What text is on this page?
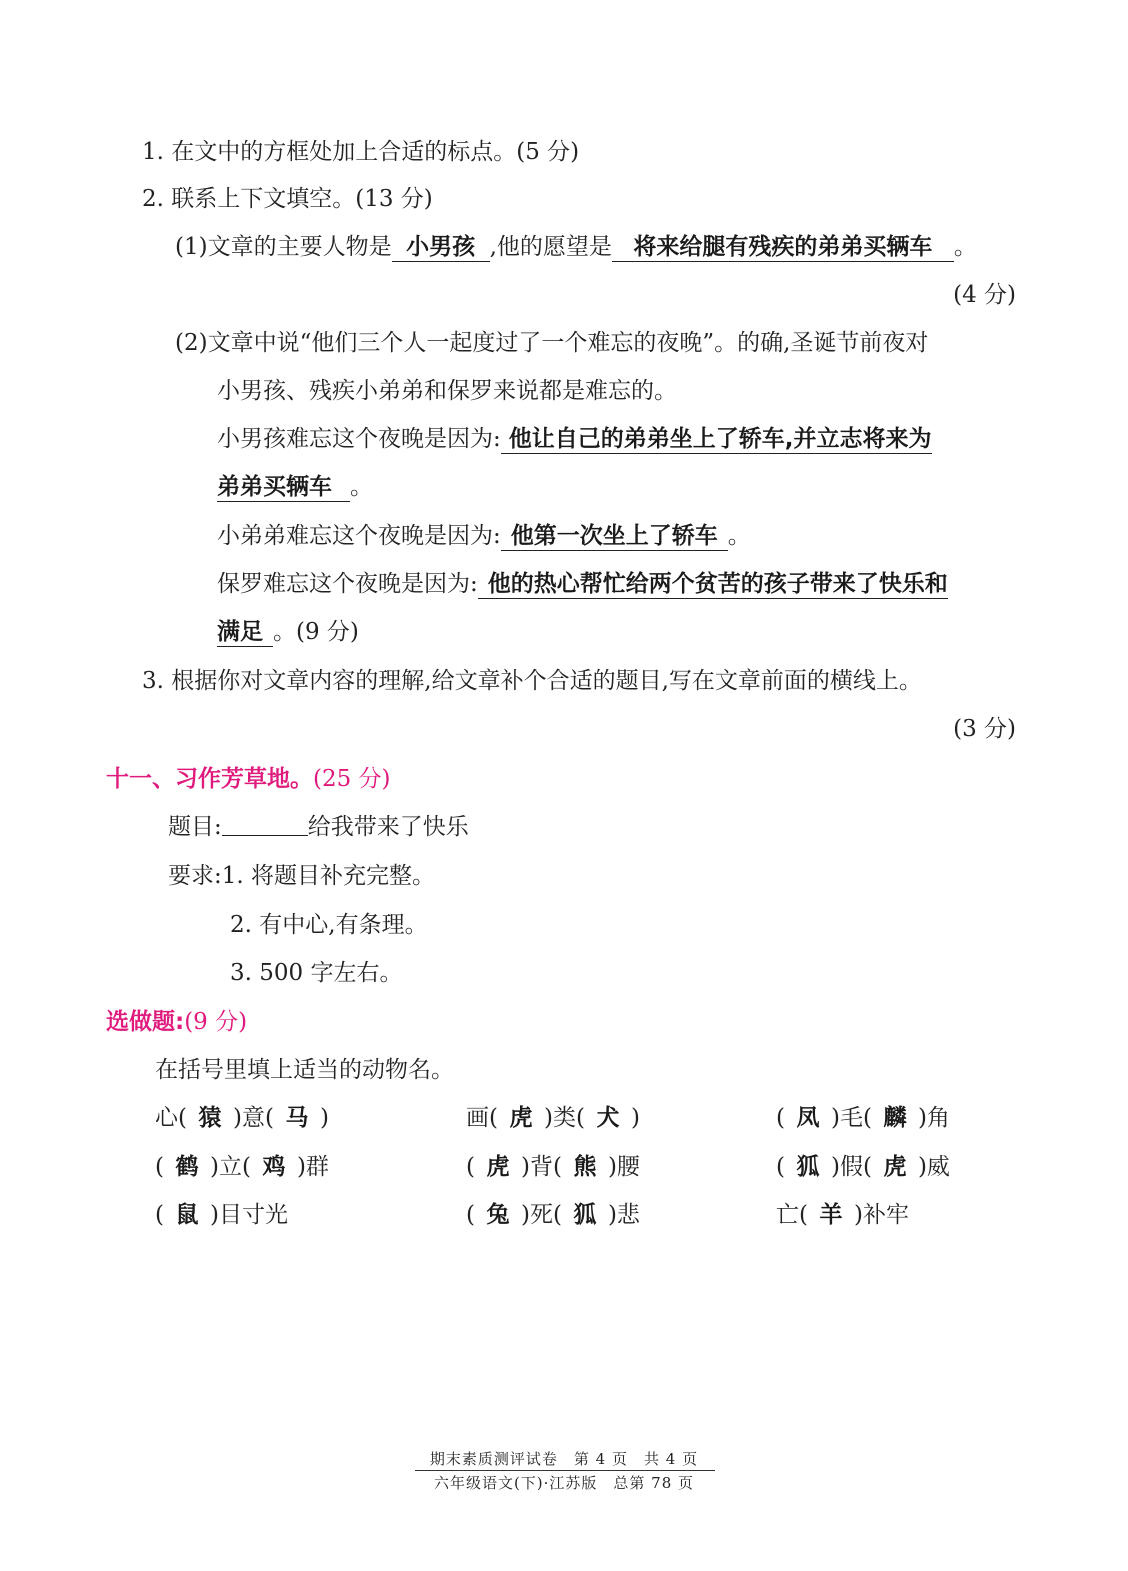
1. 在文中的方框处加上合适的标点。(5 分)
2. 联系上下文填空。(13 分)
(1)文章的主要人物是 小男孩 ,他的愿望是 将来给腿有残疾的弟弟买辆车 。
(4 分)
(2)文章中说“他们三个人一起度过了一个难忘的夜晚”。的确,圣诞节前夜对
小男孩、残疾小弟弟和保罗来说都是难忘的。
小男孩难忘这个夜晚是因为: 他让自己的弟弟坐上了轿车,并立志将来为
弟弟买辆车 。
小弟弟难忘这个夜晚是因为: 他第一次坐上了轿车 。
保罗难忘这个夜晚是因为: 他的热心帮忙给两个贫苦的孩子带来了快乐和
满足 。(9 分)
3. 根据你对文章内容的理解,给文章补个合适的题目,写在文章前面的横线上。
(3 分)
十一、习作芳草地。(25 分)
题目:	给我带来了快乐
要求:1. 将题目补充完整。
2. 有中心,有条理。
3. 500 字左右。
选做题:(9 分)
在括号里填上适当的动物名。
心( 猿 )意( 马 )	画( 虎 )类( 犬 )	( 凤 )毛( 麟 )角
( 鹤 )立( 鸡 )群	( 虎 )背( 熊 )腰	( 狐 )假( 虎 )威
( 鼠 )目寸光	( 兔 )死( 狐 )悲	亡( 羊 )补牢
期末素质测评试卷　第 4 页　共 4 页
六年级语文(下)·江苏版　总第 78 页
